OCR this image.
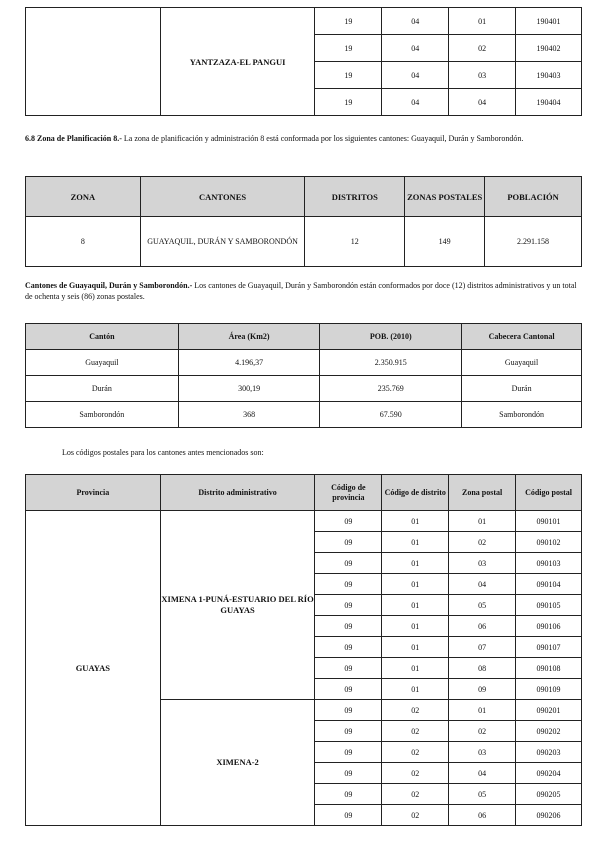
	YANTZAZA-EL PANGUI	19	04	01	190401
		19	04	02	190402
		19	04	03	190403
		19	04	04	190404

6.8 Zona de Planificación 8.- La zona de planificación y administración 8 está conformada por los siguientes cantones: Guayaquil, Durán y Samborondón.

ZONA	CANTONES	DISTRITOS	ZONAS POSTALES	POBLACIÓN
8	GUAYAQUIL, DURÁN Y SAMBORONDÓN	12	149	2.291.158

Cantones de Guayaquil, Durán y Samborondón.- Los cantones de Guayaquil, Durán y Samborondón están conformados por doce (12) distritos administrativos y un total de ochenta y seis (86) zonas postales.

Cantón	Área (Km2)	POB. (2010)	Cabecera Cantonal
Guayaquil	4.196,37	2.350.915	Guayaquil
Durán	300,19	235.769	Durán
Samborondón	368	67.590	Samborondón

Los códigos postales para los cantones antes mencionados son:

Provincia	Distrito administrativo	Código de provincia	Código de distrito	Zona postal	Código postal
GUAYAS	XIMENA 1-PUNÁ-ESTUARIO DEL RÍO GUAYAS	09	01	01	090101
		09	01	02	090102
		09	01	03	090103
		09	01	04	090104
		09	01	05	090105
		09	01	06	090106
		09	01	07	090107
		09	01	08	090108
		09	01	09	090109
	XIMENA-2	09	02	01	090201
		09	02	02	090202
		09	02	03	090203
		09	02	04	090204
		09	02	05	090205
		09	02	06	090206
